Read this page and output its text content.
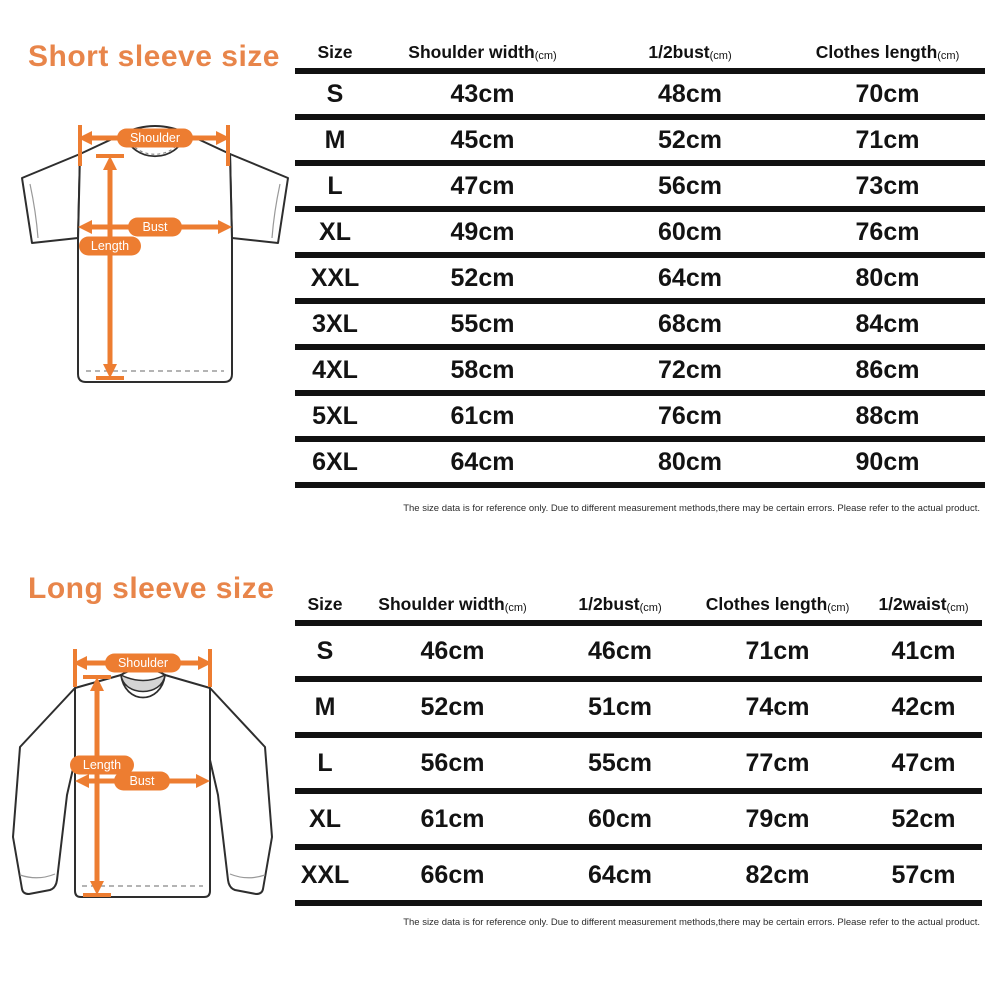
Short sleeve size
Shoulder
Bust
Length
Size	Shoulder width(cm)	1/2bust(cm)	Clothes length(cm)
S	43cm	48cm	70cm
M	45cm	52cm	71cm
L	47cm	56cm	73cm
XL	49cm	60cm	76cm
XXL	52cm	64cm	80cm
3XL	55cm	68cm	84cm
4XL	58cm	72cm	86cm
5XL	61cm	76cm	88cm
6XL	64cm	80cm	90cm
The size data is for reference only. Due to different measurement methods,there may be certain errors. Please refer to the actual product.
Long sleeve size
Shoulder
Length
Bust
Size	Shoulder width(cm)	1/2bust(cm)	Clothes length(cm)	1/2waist(cm)
S	46cm	46cm	71cm	41cm
M	52cm	51cm	74cm	42cm
L	56cm	55cm	77cm	47cm
XL	61cm	60cm	79cm	52cm
XXL	66cm	64cm	82cm	57cm
The size data is for reference only. Due to different measurement methods,there may be certain errors. Please refer to the actual product.
